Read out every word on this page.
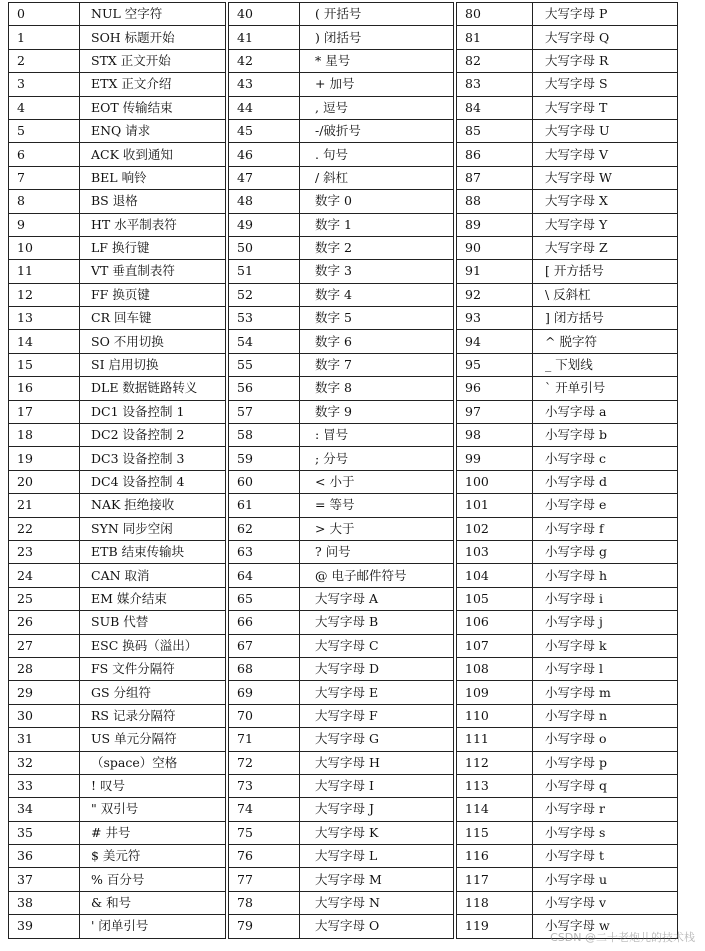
0	NUL 空字符
1	SOH 标题开始
2	STX 正文开始
3	ETX 正文介绍
4	EOT 传输结束
5	ENQ 请求
6	ACK 收到通知
7	BEL 响铃
8	BS 退格
9	HT 水平制表符
10	LF 换行键
11	VT 垂直制表符
12	FF 换页键
13	CR 回车键
14	SO 不用切换
15	SI 启用切换
16	DLE 数据链路转义
17	DC1 设备控制 1
18	DC2 设备控制 2
19	DC3 设备控制 3
20	DC4 设备控制 4
21	NAK 拒绝接收
22	SYN 同步空闲
23	ETB 结束传输块
24	CAN 取消
25	EM 媒介结束
26	SUB 代替
27	ESC 换码（溢出）
28	FS 文件分隔符
29	GS 分组符
30	RS 记录分隔符
31	US 单元分隔符
32	（space）空格
33	! 叹号
34	" 双引号
35	# 井号
36	$ 美元符
37	% 百分号
38	& 和号
39	' 闭单引号
40	( 开括号
41	) 闭括号
42	* 星号
43	+ 加号
44	, 逗号
45	-/破折号
46	. 句号
47	/ 斜杠
48	数字 0
49	数字 1
50	数字 2
51	数字 3
52	数字 4
53	数字 5
54	数字 6
55	数字 7
56	数字 8
57	数字 9
58	: 冒号
59	; 分号
60	< 小于
61	= 等号
62	> 大于
63	? 问号
64	@ 电子邮件符号
65	大写字母 A
66	大写字母 B
67	大写字母 C
68	大写字母 D
69	大写字母 E
70	大写字母 F
71	大写字母 G
72	大写字母 H
73	大写字母 I
74	大写字母 J
75	大写字母 K
76	大写字母 L
77	大写字母 M
78	大写字母 N
79	大写字母 O
80	大写字母 P
81	大写字母 Q
82	大写字母 R
83	大写字母 S
84	大写字母 T
85	大写字母 U
86	大写字母 V
87	大写字母 W
88	大写字母 X
89	大写字母 Y
90	大写字母 Z
91	[ 开方括号
92	\ 反斜杠
93	] 闭方括号
94	^ 脱字符
95	_ 下划线
96	` 开单引号
97	小写字母 a
98	小写字母 b
99	小写字母 c
100	小写字母 d
101	小写字母 e
102	小写字母 f
103	小写字母 g
104	小写字母 h
105	小写字母 i
106	小写字母 j
107	小写字母 k
108	小写字母 l
109	小写字母 m
110	小写字母 n
111	小写字母 o
112	小写字母 p
113	小写字母 q
114	小写字母 r
115	小写字母 s
116	小写字母 t
117	小写字母 u
118	小写字母 v
119	小写字母 w
CSDN @二十老炮儿的技术栈
